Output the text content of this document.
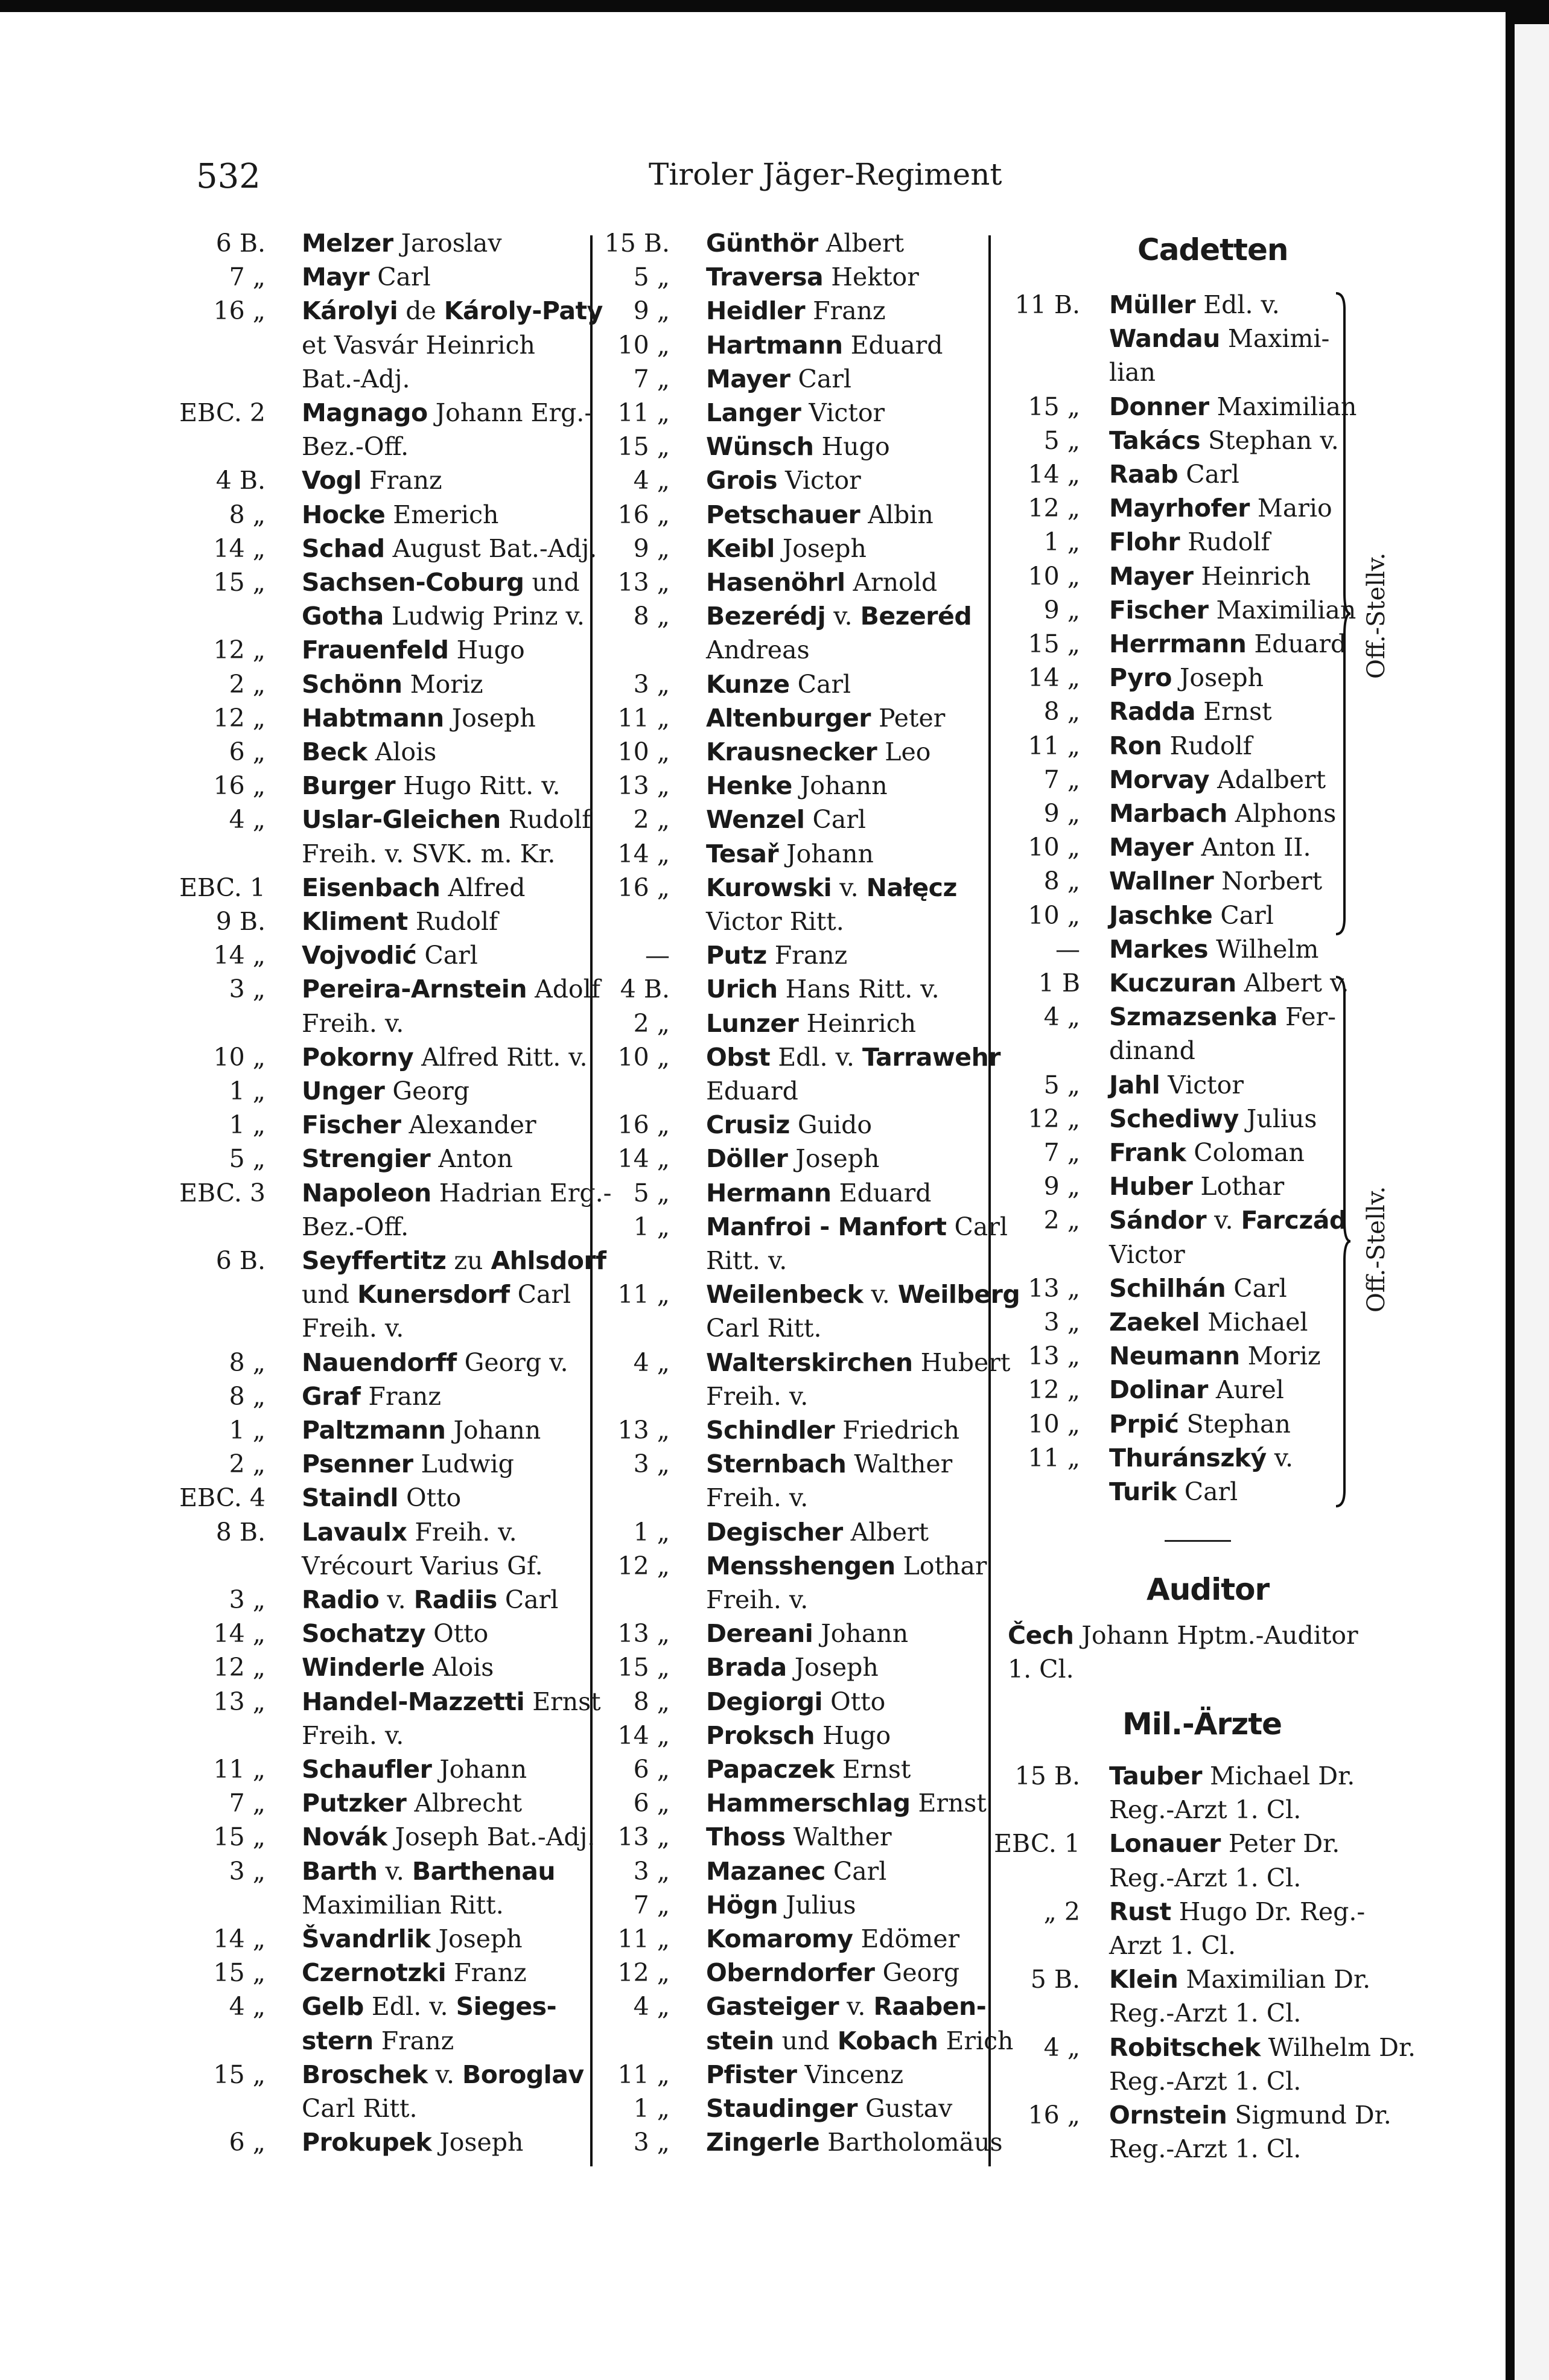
532	Tiroler Jäger-Regiment
6 B. Melzer Jaroslav
7 „ Mayr Carl
16 „ Károlyi de Károly-Paty
et Vasvár Heinrich
Bat.-Adj.
EBC. 2 Magnago Johann Erg.-
Bez.-Off.
4 B. Vogl Franz
8 „ Hocke Emerich
14 „ Schad August Bat.-Adj.
15 „ Sachsen-Coburg und
Gotha Ludwig Prinz v.
12 „ Frauenfeld Hugo
2 „ Schönn Moriz
12 „ Habtmann Joseph
6 „ Beck Alois
16 „ Burger Hugo Ritt. v.
4 „ Uslar-Gleichen Rudolf
Freih. v. SVK. m. Kr.
EBC. 1 Eisenbach Alfred
9 B. Kliment Rudolf
14 „ Vojvodić Carl
3 „ Pereira-Arnstein Adolf
Freih. v.
10 „ Pokorny Alfred Ritt. v.
1 „ Unger Georg
1 „ Fischer Alexander
5 „ Strengier Anton
EBC. 3 Napoleon Hadrian Erg.-
Bez.-Off.
6 B. Seyffertitz zu Ahlsdorf
und Kunersdorf Carl
Freih. v.
8 „ Nauendorff Georg v.
8 „ Graf Franz
1 „ Paltzmann Johann
2 „ Psenner Ludwig
EBC. 4 Staindl Otto
8 B. Lavaulx Freih. v.
Vrécourt Varius Gf.
3 „ Radio v. Radiis Carl
14 „ Sochatzy Otto
12 „ Winderle Alois
13 „ Handel-Mazzetti Ernst
Freih. v.
11 „ Schaufler Johann
7 „ Putzker Albrecht
15 „ Novák Joseph Bat.-Adj.
3 „ Barth v. Barthenau
Maximilian Ritt.
14 „ Švandrlik Joseph
15 „ Czernotzki Franz
4 „ Gelb Edl. v. Sieges-
stern Franz
15 „ Broschek v. Boroglav
Carl Ritt.
6 „ Prokupek Joseph
15 B. Günthör Albert
5 „ Traversa Hektor
9 „ Heidler Franz
10 „ Hartmann Eduard
7 „ Mayer Carl
11 „ Langer Victor
15 „ Wünsch Hugo
4 „ Grois Victor
16 „ Petschauer Albin
9 „ Keibl Joseph
13 „ Hasenöhrl Arnold
8 „ Bezerédj v. Bezeréd
Andreas
3 „ Kunze Carl
11 „ Altenburger Peter
10 „ Krausnecker Leo
13 „ Henke Johann
2 „ Wenzel Carl
14 „ Tesař Johann
16 „ Kurowski v. Nałęcz
Victor Ritt.
— Putz Franz
4 B. Urich Hans Ritt. v.
2 „ Lunzer Heinrich
10 „ Obst Edl. v. Tarrawehr
Eduard
16 „ Crusiz Guido
14 „ Döller Joseph
5 „ Hermann Eduard
1 „ Manfroi - Manfort Carl
Ritt. v.
11 „ Weilenbeck v. Weilberg
Carl Ritt.
4 „ Walterskirchen Hubert
Freih. v.
13 „ Schindler Friedrich
3 „ Sternbach Walther
Freih. v.
1 „ Degischer Albert
12 „ Mensshengen Lothar
Freih. v.
13 „ Dereani Johann
15 „ Brada Joseph
8 „ Degiorgi Otto
14 „ Proksch Hugo
6 „ Papaczek Ernst
6 „ Hammerschlag Ernst
13 „ Thoss Walther
3 „ Mazanec Carl
7 „ Högn Julius
11 „ Komaromy Edömer
12 „ Oberndorfer Georg
4 „ Gasteiger v. Raaben-
stein und Kobach Erich
11 „ Pfister Vincenz
1 „ Staudinger Gustav
3 „ Zingerle Bartholomäus
Cadetten
11 B. Müller Edl. v.
Wandau Maximi-
lian
15 „ Donner Maximilian
5 „ Takács Stephan v.
14 „ Raab Carl
12 „ Mayrhofer Mario
1 „ Flohr Rudolf
10 „ Mayer Heinrich
9 „ Fischer Maximilian
15 „ Herrmann Eduard
14 „ Pyro Joseph
8 „ Radda Ernst
11 „ Ron Rudolf
7 „ Morvay Adalbert
9 „ Marbach Alphons
10 „ Mayer Anton II.
8 „ Wallner Norbert
10 „ Jaschke Carl
— Markes Wilhelm
1 B Kuczuran Albert v.
4 „ Szmazsenka Fer-
dinand
5 „ Jahl Victor
12 „ Schediwy Julius
7 „ Frank Coloman
9 „ Huber Lothar
2 „ Sándor v. Farczád
Victor
13 „ Schilhán Carl
3 „ Zaekel Michael
13 „ Neumann Moriz
12 „ Dolinar Aurel
10 „ Prpić Stephan
11 „ Thuránszký v.
Turik Carl
Off.-Stellv.
Off.-Stellv.
Auditor
Čech Johann Hptm.-Auditor
1. Cl.
Mil.-Ärzte
15 B. Tauber Michael Dr.
Reg.-Arzt 1. Cl.
EBC. 1 Lonauer Peter Dr.
Reg.-Arzt 1. Cl.
„ 2 Rust Hugo Dr. Reg.-
Arzt 1. Cl.
5 B. Klein Maximilian Dr.
Reg.-Arzt 1. Cl.
4 „ Robitschek Wilhelm Dr.
Reg.-Arzt 1. Cl.
16 „ Ornstein Sigmund Dr.
Reg.-Arzt 1. Cl.
